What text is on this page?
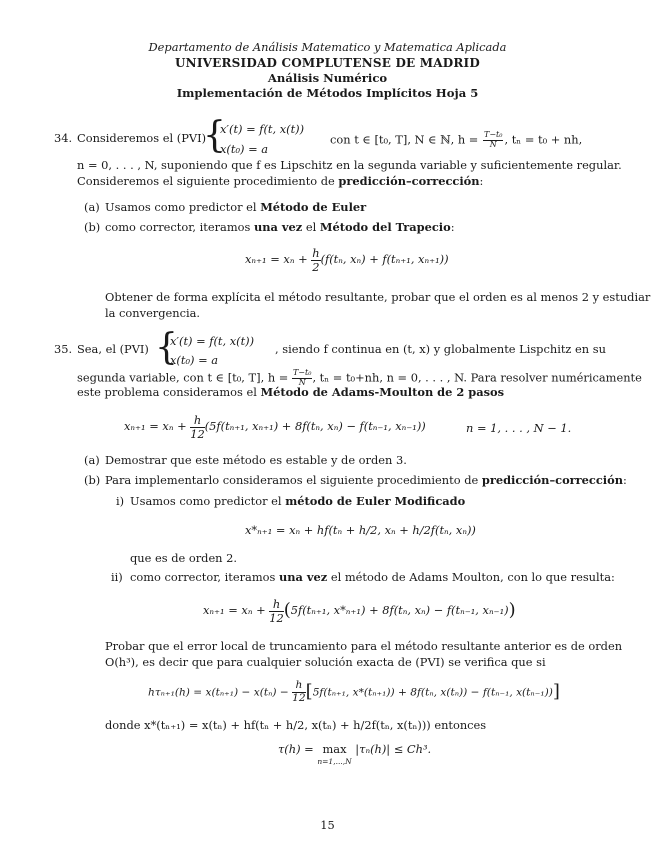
Departamento de Análisis Matematico y Matematica Aplicada
UNIVERSIDAD COMPLUTENSE DE MADRID
Análisis Numérico
Implementación de Métodos Implícitos Hoja 5
34. Consideremos el (PVI)
{
x′(t) = f(t, x(t))
x(t₀) = a
con t ∈ [t₀, T], N ∈ ℕ, $h = \frac{\text{T−t₀}}{N}$ , tₙ = t₀ + nh,
n = 0, . . . , N, suponiendo que f es Lipschitz en la segunda variable y suficientemente regular.
Consideremos el siguiente procedimiento de predicción–corrección:
(a) Usamos como predictor el Método de Euler
(b) como corrector, iteramos una vez el Método del Trapecio:
$x_{n+1} = x_n + \frac{h}{2} (f(t_n$, xₙ) + f(tₙ₊₁, xₙ₊₁))
Obtener de forma explícita el método resultante, probar que el orden es al menos 2 y estudiar
la convergencia.
35. Sea, el (PVI) {
x′(t) = f(t, x(t))
x(t₀) = a
, siendo f continua en (t, x) y globalmente Lispchitz en su
segunda variable, con t ∈ [t₀, T], $h = \frac{\text{T−t₀}}{N}$ , tₙ = t₀+nh, n = 0, . . . , N. Para resolver numéricamente
este problema consideramos el Método de Adams-Moulton de 2 pasos
$x_{n+1} = x_n + \frac{h}{12} (5f(t_{n+1}$, xₙ₊₁) + 8f(tₙ, xₙ) − f(tₙ₋₁, xₙ₋₁))	n = 1, . . . , N − 1.
(a) Demostrar que este método es estable y de orden 3.
(b) Para implementarlo consideramos el siguiente procedimiento de predicción–corrección:
i) Usamos como predictor el método de Euler Modificado
x*ₙ₊₁ = xₙ + hf(tₙ + h/2, xₙ + h/2f(tₙ, xₙ))
que es de orden 2.
ii) como corrector, iteramos una vez el método de Adams Moulton, con lo que resulta:
$x_{n+1} = x_n + \frac{h}{12} (5f(t_{n+1}$, x*ₙ₊₁) + 8f(tₙ, xₙ) − f(tₙ₋₁, xₙ₋₁))
Probar que el error local de truncamiento para el método resultante anterior es de orden
O(h³), es decir que para cualquier solución exacta de (PVI) se verifica que si
$h\tau_{n+1}(h) = x(t_{n+1}) - x(t_n) - \frac{h}{12} [5f(t_{n+1}$, x*(tₙ₊₁)) + 8f(tₙ, x(tₙ)) − f(tₙ₋₁, x(tₙ₋₁))]
donde x*(tₙ₊₁) = x(tₙ) + hf(tₙ + h/2, x(tₙ) + h/2f(tₙ, x(tₙ))) entonces
τ(h) = max
n=1,...,N
|τₙ(h)| ≤ Ch³.
15
